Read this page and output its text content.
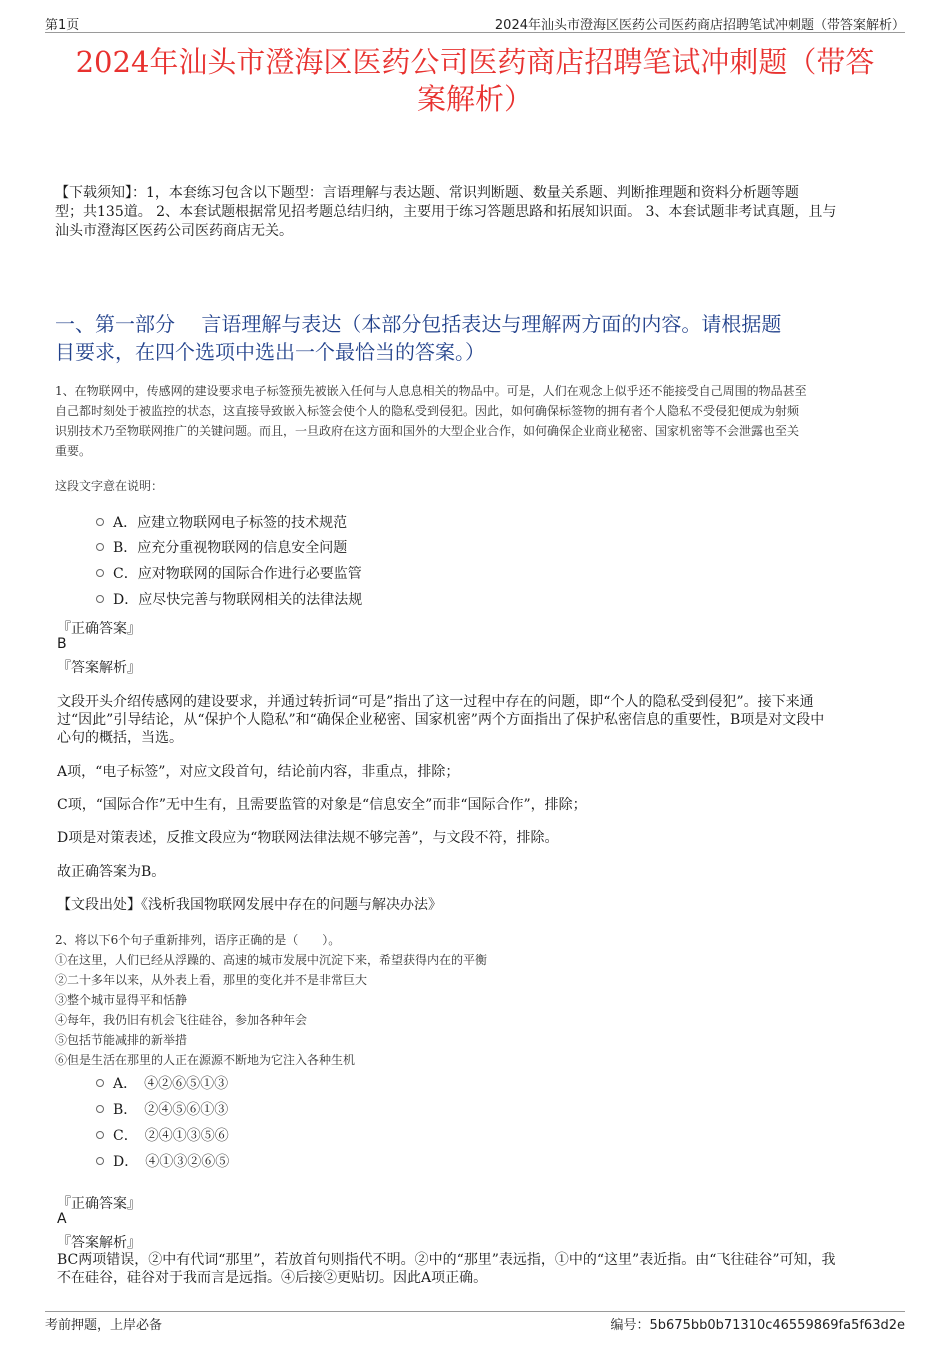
第1页	2024年汕头市澄海区医药公司医药商店招聘笔试冲刺题（带答案解析）
2024年汕头市澄海区医药公司医药商店招聘笔试冲刺题（带答
案解析）
【下载须知】：1，本套练习包含以下题型：言语理解与表达题、常识判断题、数量关系题、判断推理题和资料分析题等题
型；共135道。 2、本套试题根据常见招考题总结归纳，主要用于练习答题思路和拓展知识面。 3、本套试题非考试真题，且与
汕头市澄海区医药公司医药商店无关。
一、第一部分　 言语理解与表达（本部分包括表达与理解两方面的内容。请根据题
目要求，在四个选项中选出一个最恰当的答案。）
1、在物联网中，传感网的建设要求电子标签预先被嵌入任何与人息息相关的物品中。可是，人们在观念上似乎还不能接受自己周围的物品甚至
自己都时刻处于被监控的状态，这直接导致嵌入标签会使个人的隐私受到侵犯。因此，如何确保标签物的拥有者个人隐私不受侵犯便成为射频
识别技术乃至物联网推广的关键问题。而且，一旦政府在这方面和国外的大型企业合作，如何确保企业商业秘密、国家机密等不会泄露也至关
重要。
这段文字意在说明：
A．应建立物联网电子标签的技术规范
B．应充分重视物联网的信息安全问题
C．应对物联网的国际合作进行必要监管
D．应尽快完善与物联网相关的法律法规
『正确答案』
B
『答案解析』
文段开头介绍传感网的建设要求，并通过转折词“可是”指出了这一过程中存在的问题，即“个人的隐私受到侵犯”。接下来通
过“因此”引导结论，从“保护个人隐私”和“确保企业秘密、国家机密”两个方面指出了保护私密信息的重要性，B项是对文段中
心句的概括，当选。
A项，“电子标签”，对应文段首句，结论前内容，非重点，排除；
C项，“国际合作”无中生有，且需要监管的对象是“信息安全”而非“国际合作”，排除；
D项是对策表述，反推文段应为“物联网法律法规不够完善”，与文段不符，排除。
故正确答案为B。
【文段出处】《浅析我国物联网发展中存在的问题与解决办法》
2、将以下6个句子重新排列，语序正确的是（　　）。
①在这里，人们已经从浮躁的、高速的城市发展中沉淀下来，希望获得内在的平衡
②二十多年以来，从外表上看，那里的变化并不是非常巨大
③整个城市显得平和恬静
④每年，我仍旧有机会飞往硅谷，参加各种年会
⑤包括节能减排的新举措
⑥但是生活在那里的人正在源源不断地为它注入各种生机
A．　④②⑥⑤①③
B．　②④⑤⑥①③
C．　②④①③⑤⑥
D．　④①③②⑥⑤
『正确答案』
A
『答案解析』
BC两项错误，②中有代词“那里”，若放首句则指代不明。②中的“那里”表远指，①中的“这里”表近指。由“飞往硅谷”可知，我
不在硅谷，硅谷对于我而言是远指。④后接②更贴切。因此A项正确。
考前押题，上岸必备	编号：5b675bb0b71310c46559869fa5f63d2e
